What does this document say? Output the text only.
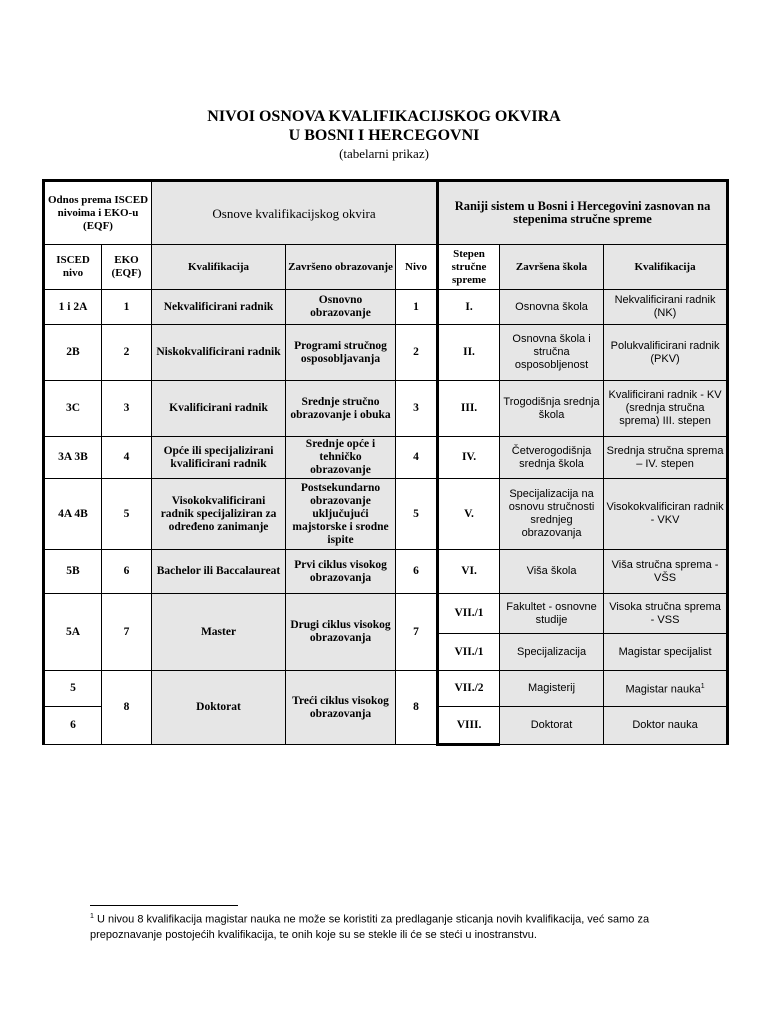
NIVOI OSNOVA KVALIFIKACIJSKOG OKVIRA
U BOSNI I HERCEGOVNI
(tabelarni prikaz)
Odnos prema ISCED nivoima i EKO-u (EQF)		Osnove kvalifikacijskog okvira			Raniji sistem u Bosni i Hercegovini zasnovan na stepenima stručne spreme		
ISCED nivo	EKO (EQF)	Kvalifikacija	Završeno obrazovanje	Nivo	Stepen stručne spreme	Završena škola	Kvalifikacija
1 i 2A	1	Nekvalificirani radnik	Osnovno obrazovanje	1	I.	Osnovna škola	Nekvalificirani radnik (NK)
2B	2	Niskokvalificirani radnik	Programi stručnog osposobljavanja	2	II.	Osnovna škola i stručna osposobljenost	Polukvalificirani radnik (PKV)
3C	3	Kvalificirani radnik	Srednje stručno obrazovanje i obuka	3	III.	Trogodišnja srednja škola	Kvalificirani radnik - KV (srednja stručna sprema) III. stepen
3A 3B	4	Opće ili specijalizirani kvalificirani radnik	Srednje opće i tehničko obrazovanje	4	IV.	Četverogodišnja srednja škola	Srednja stručna sprema – IV. stepen
4A 4B	5	Visokokvalificirani radnik specijaliziran za određeno zanimanje	Postsekundarno obrazovanje uključujući majstorske i srodne ispite	5	V.	Specijalizacija na osnovu stručnosti srednjeg obrazovanja	Visokokvalificiran radnik - VKV
5B	6	Bachelor ili Baccalaureat	Prvi ciklus visokog obrazovanja	6	VI.	Viša škola	Viša stručna sprema - VŠS
5A	7	Master	Drugi ciklus visokog obrazovanja	7	VII./1	Fakultet - osnovne studije	Visoka stručna sprema - VSS
					VII./1	Specijalizacija	Magistar specijalist
5	8	Doktorat	Treći ciklus visokog obrazovanja	8	VII./2	Magisterij	Magistar nauka$^1$
6					VIII.	Doktorat	Doktor nauka
$^1$ U nivou 8 kvalifikacija magistar nauka ne može se koristiti za predlaganje sticanja novih kvalifikacija, već samo za prepoznavanje postojećih kvalifikacija, te onih koje su se stekle ili će se steći u inostranstvu.
